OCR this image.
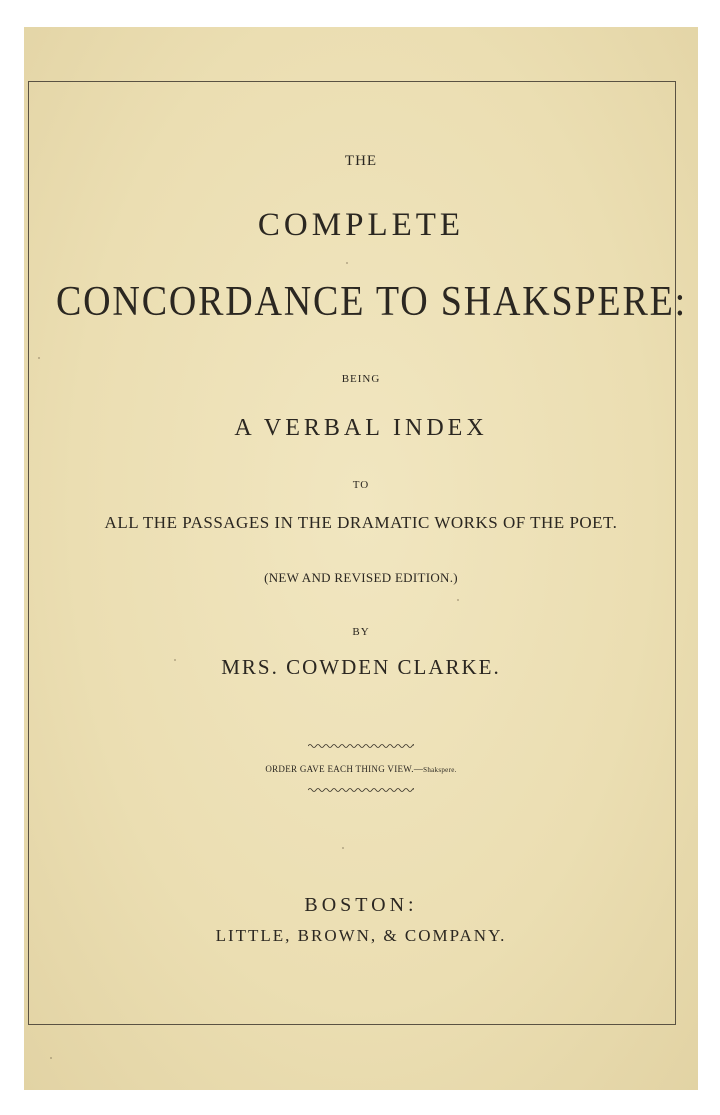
THE
COMPLETE
CONCORDANCE TO SHAKSPERE:
BEING
A VERBAL INDEX
TO
ALL THE PASSAGES IN THE DRAMATIC WORKS OF THE POET.
(NEW AND REVISED EDITION.)
BY
MRS. COWDEN CLARKE.
ORDER GAVE EACH THING VIEW.—Shakspere.
BOSTON:
LITTLE, BROWN, & COMPANY.
